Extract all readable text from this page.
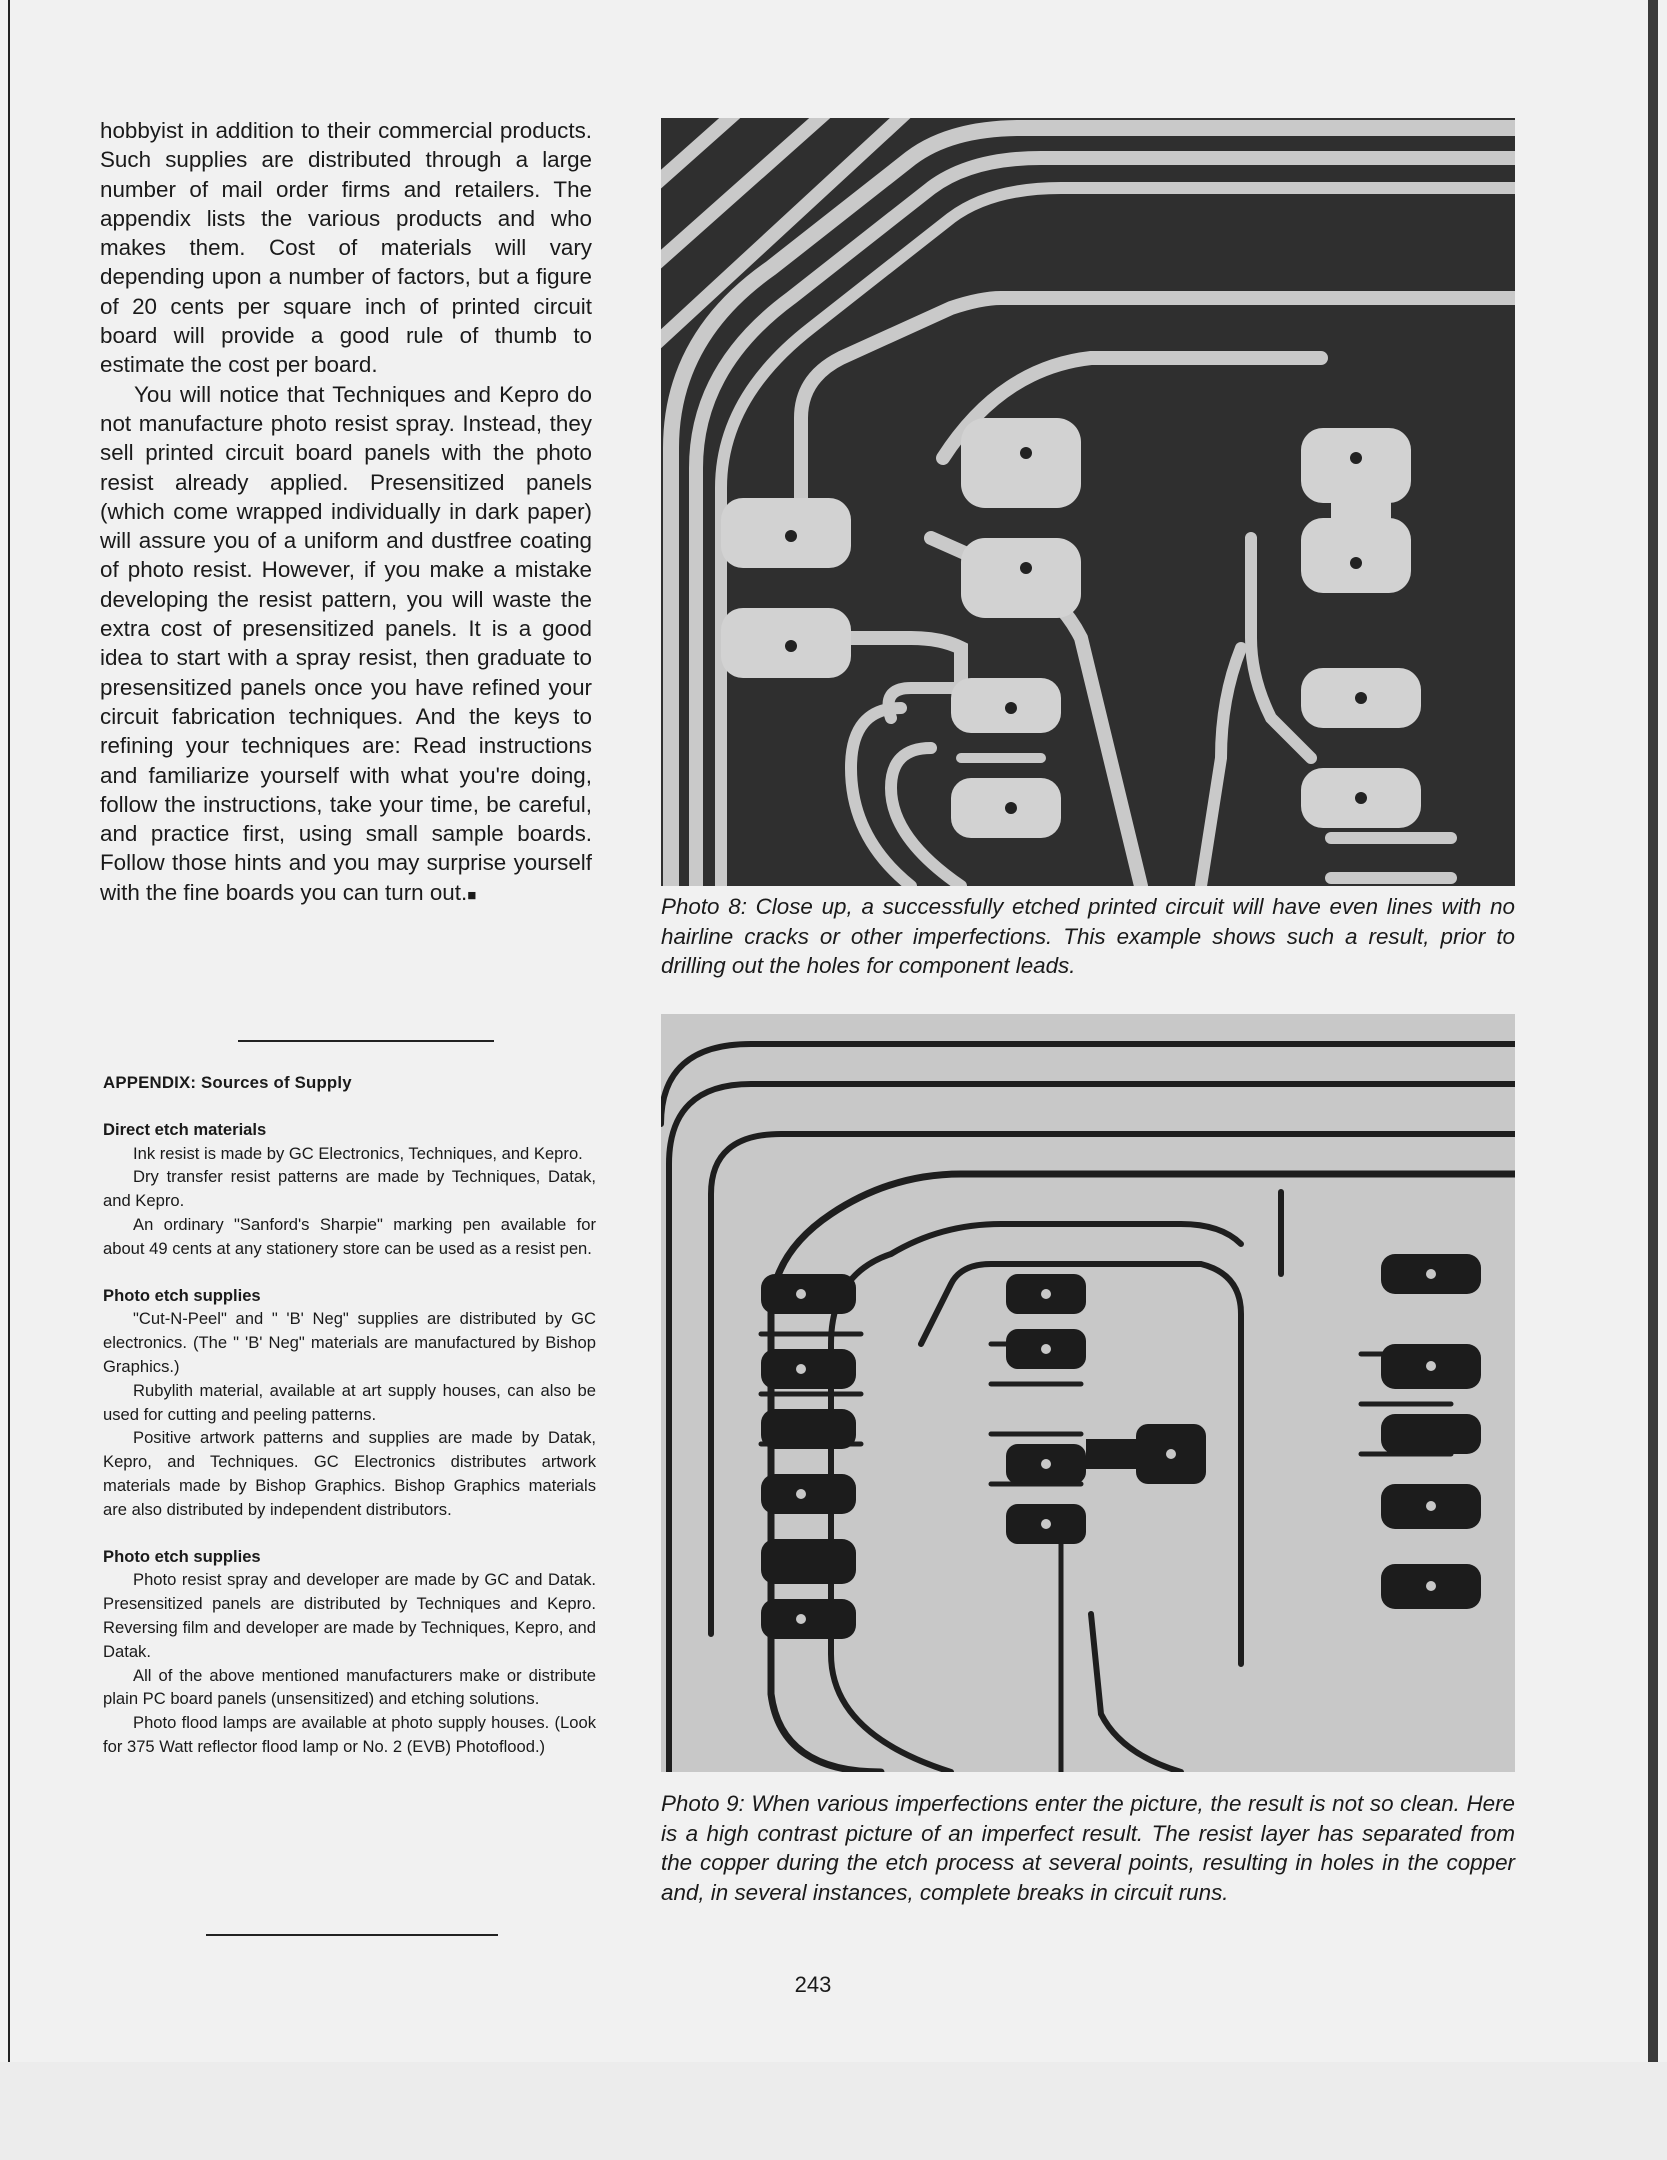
hobbyist in addition to their commercial products. Such supplies are distributed through a large number of mail order firms and retailers. The appendix lists the various products and who makes them. Cost of materials will vary depending upon a number of factors, but a figure of 20 cents per square inch of printed circuit board will provide a good rule of thumb to estimate the cost per board.

You will notice that Techniques and Kepro do not manufacture photo resist spray. Instead, they sell printed circuit board panels with the photo resist already applied. Presensitized panels (which come wrapped individually in dark paper) will assure you of a uniform and dustfree coating of photo resist. However, if you make a mistake developing the resist pattern, you will waste the extra cost of presensitized panels. It is a good idea to start with a spray resist, then graduate to presensitized panels once you have refined your circuit fabrication techniques. And the keys to refining your techniques are: Read instructions and familiarize yourself with what you're doing, follow the instructions, take your time, be careful, and practice first, using small sample boards. Follow those hints and you may surprise yourself with the fine boards you can turn out.■

APPENDIX: Sources of Supply
Direct etch materials

Ink resist is made by GC Electronics, Techniques, and Kepro.

Dry transfer resist patterns are made by Techniques, Datak, and Kepro.

An ordinary "Sanford's Sharpie" marking pen available for about 49 cents at any stationery store can be used as a resist pen.

Photo etch supplies

"Cut-N-Peel" and " 'B' Neg" supplies are distributed by GC electronics. (The " 'B' Neg" materials are manufactured by Bishop Graphics.)

Rubylith material, available at art supply houses, can also be used for cutting and peeling patterns.

Positive artwork patterns and supplies are made by Datak, Kepro, and Techniques. GC Electronics distributes artwork materials made by Bishop Graphics. Bishop Graphics materials are also distributed by independent distributors.

Photo etch supplies

Photo resist spray and developer are made by GC and Datak. Presensitized panels are distributed by Techniques and Kepro. Reversing film and developer are made by Techniques, Kepro, and Datak.

All of the above mentioned manufacturers make or distribute plain PC board panels (unsensitized) and etching solutions.

Photo flood lamps are available at photo supply houses. (Look for 375 Watt reflector flood lamp or No. 2 (EVB) Photoflood.)

Photo 8: Close up, a successfully etched printed circuit will have even lines with no hairline cracks or other imperfections. This example shows such a result, prior to drilling out the holes for component leads.

Photo 9: When various imperfections enter the picture, the result is not so clean. Here is a high contrast picture of an imperfect result. The resist layer has separated from the copper during the etch process at several points, resulting in holes in the copper and, in several instances, complete breaks in circuit runs.

243
